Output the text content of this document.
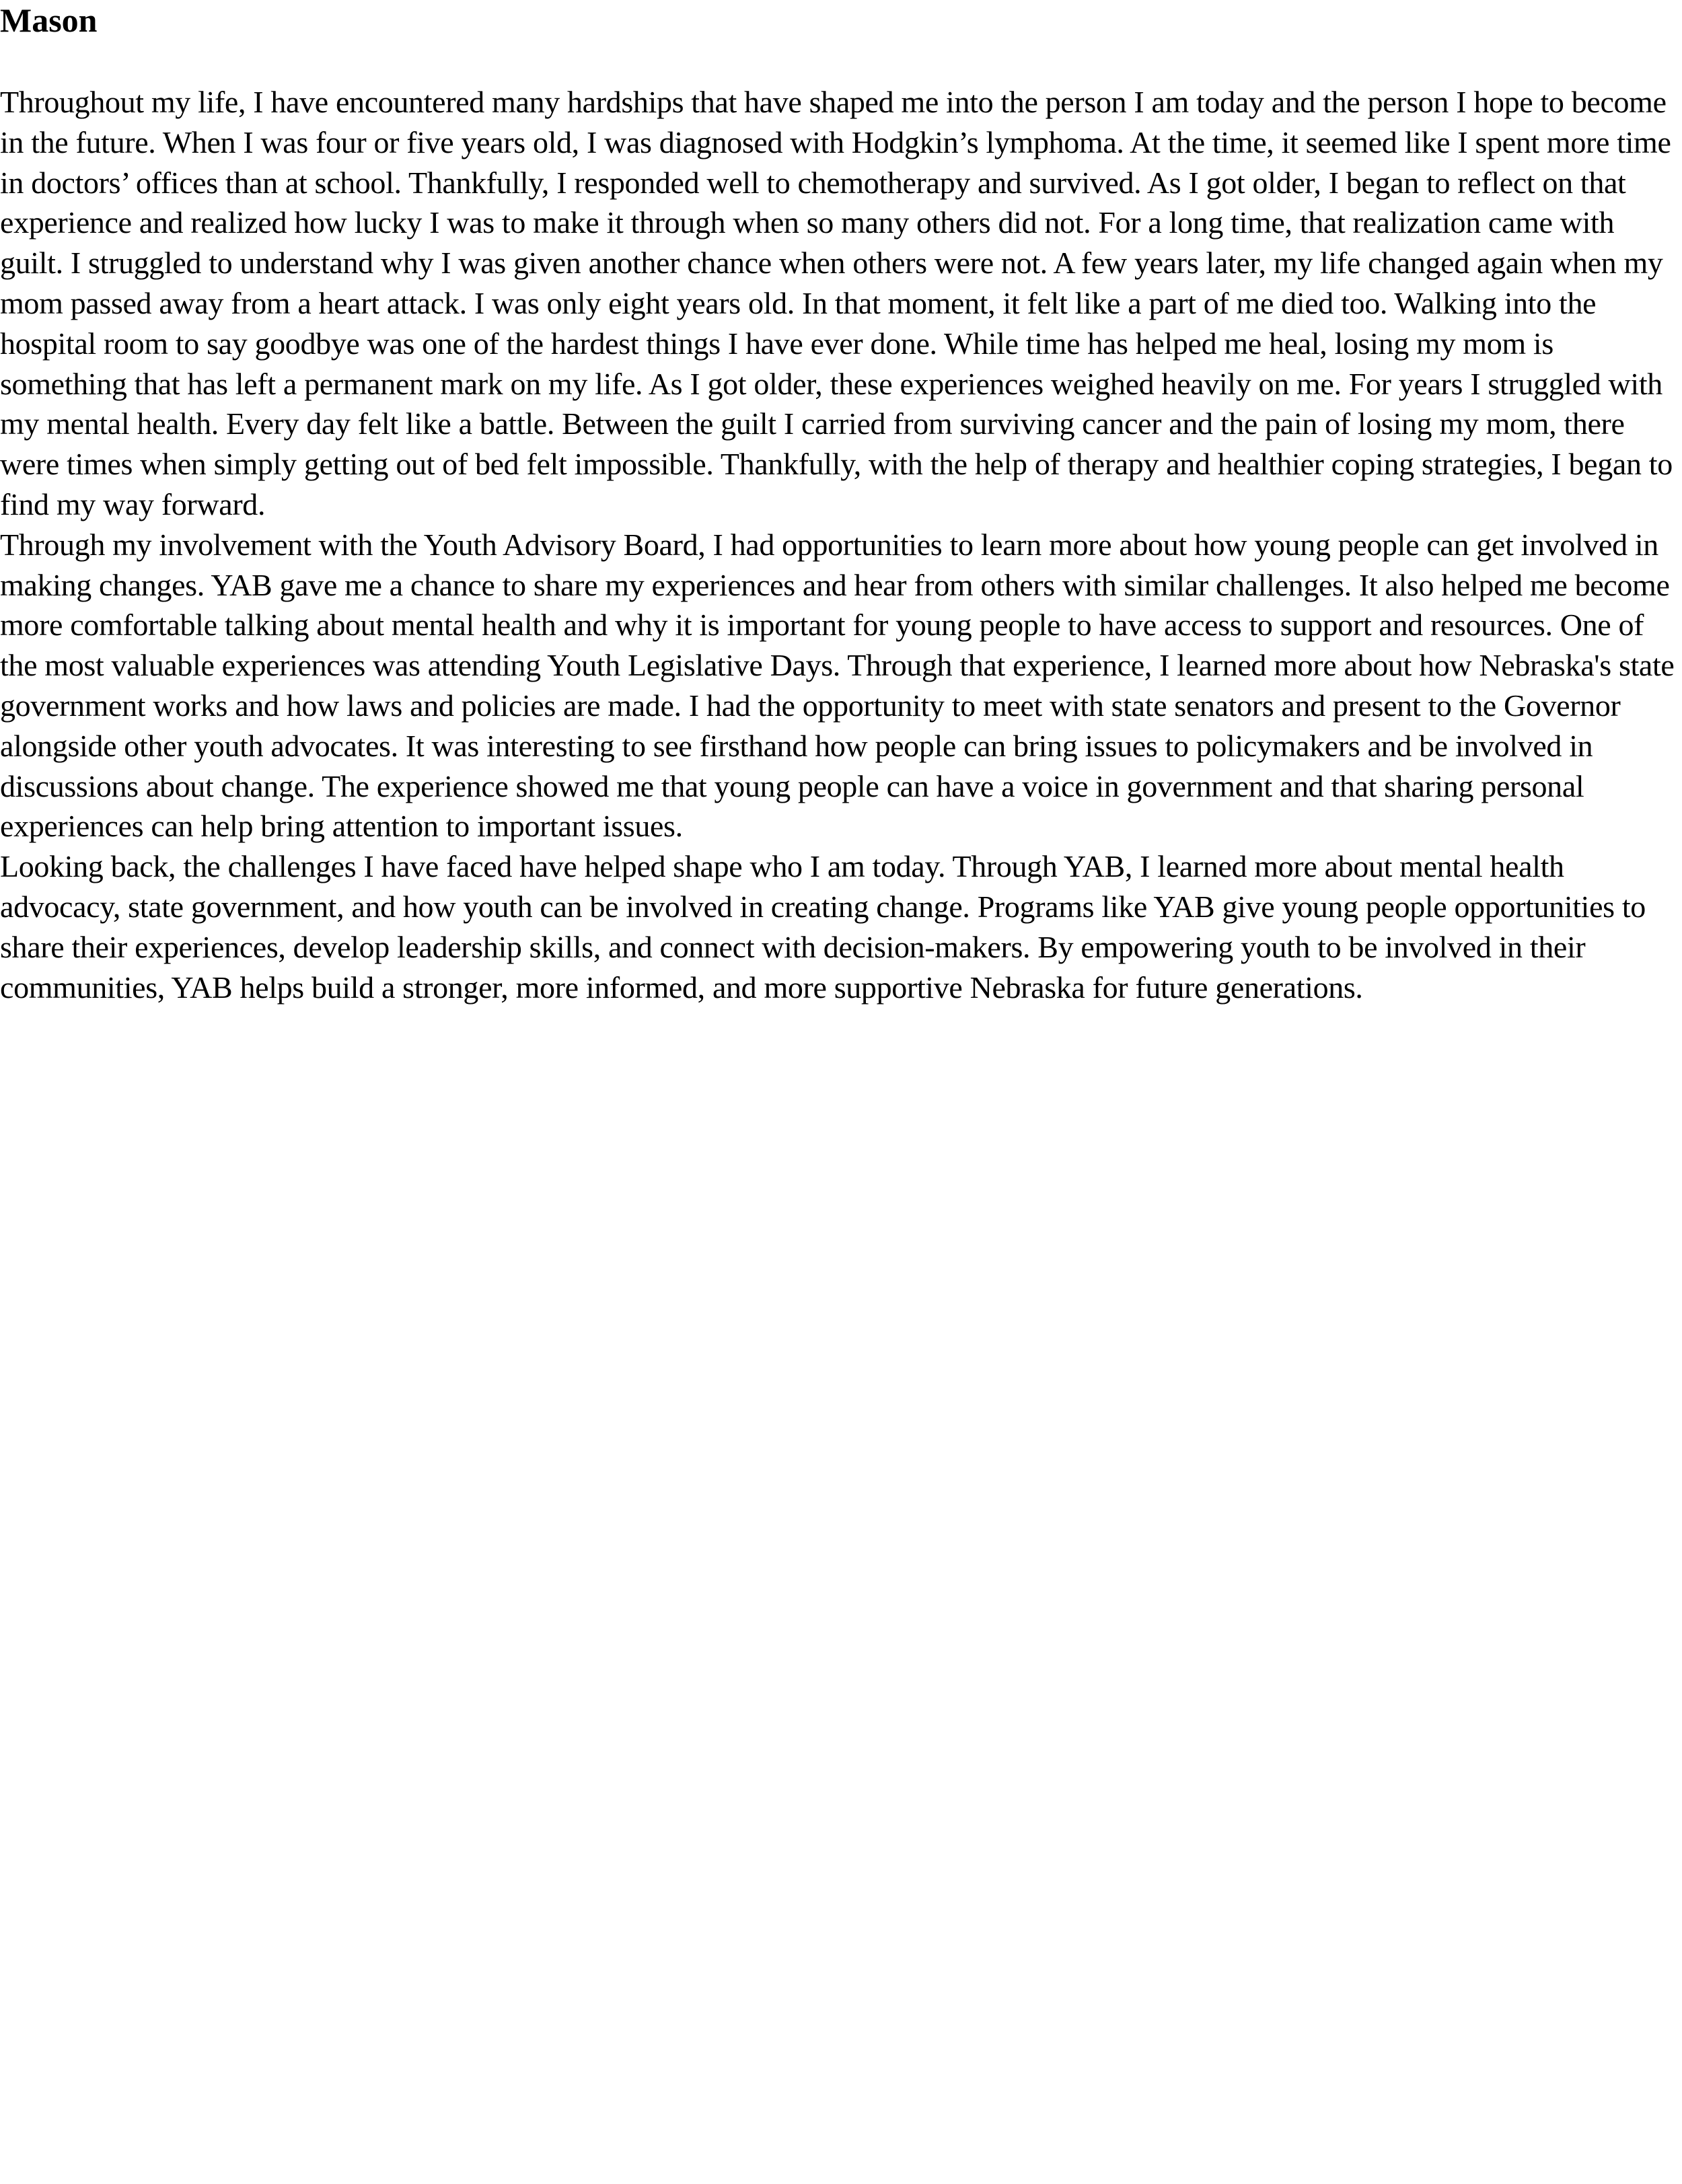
Mason

Throughout my life, I have encountered many hardships that have shaped me into the person I am today and the person I hope to become in the future. When I was four or five years old, I was diagnosed with Hodgkin’s lymphoma. At the time, it seemed like I spent more time in doctors’ offices than at school. Thankfully, I responded well to chemotherapy and survived. As I got older, I began to reflect on that experience and realized how lucky I was to make it through when so many others did not. For a long time, that realization came with guilt. I struggled to understand why I was given another chance when others were not. A few years later, my life changed again when my mom passed away from a heart attack. I was only eight years old. In that moment, it felt like a part of me died too. Walking into the hospital room to say goodbye was one of the hardest things I have ever done. While time has helped me heal, losing my mom is something that has left a permanent mark on my life. As I got older, these experiences weighed heavily on me. For years I struggled with my mental health. Every day felt like a battle. Between the guilt I carried from surviving cancer and the pain of losing my mom, there were times when simply getting out of bed felt impossible. Thankfully, with the help of therapy and healthier coping strategies, I began to find my way forward.

Through my involvement with the Youth Advisory Board, I had opportunities to learn more about how young people can get involved in making changes. YAB gave me a chance to share my experiences and hear from others with similar challenges. It also helped me become more comfortable talking about mental health and why it is important for young people to have access to support and resources. One of the most valuable experiences was attending Youth Legislative Days. Through that experience, I learned more about how Nebraska's state government works and how laws and policies are made. I had the opportunity to meet with state senators and present to the Governor alongside other youth advocates. It was interesting to see firsthand how people can bring issues to policymakers and be involved in discussions about change. The experience showed me that young people can have a voice in government and that sharing personal experiences can help bring attention to important issues.

Looking back, the challenges I have faced have helped shape who I am today. Through YAB, I learned more about mental health advocacy, state government, and how youth can be involved in creating change. Programs like YAB give young people opportunities to share their experiences, develop leadership skills, and connect with decision-makers. By empowering youth to be involved in their communities, YAB helps build a stronger, more informed, and more supportive Nebraska for future generations.
